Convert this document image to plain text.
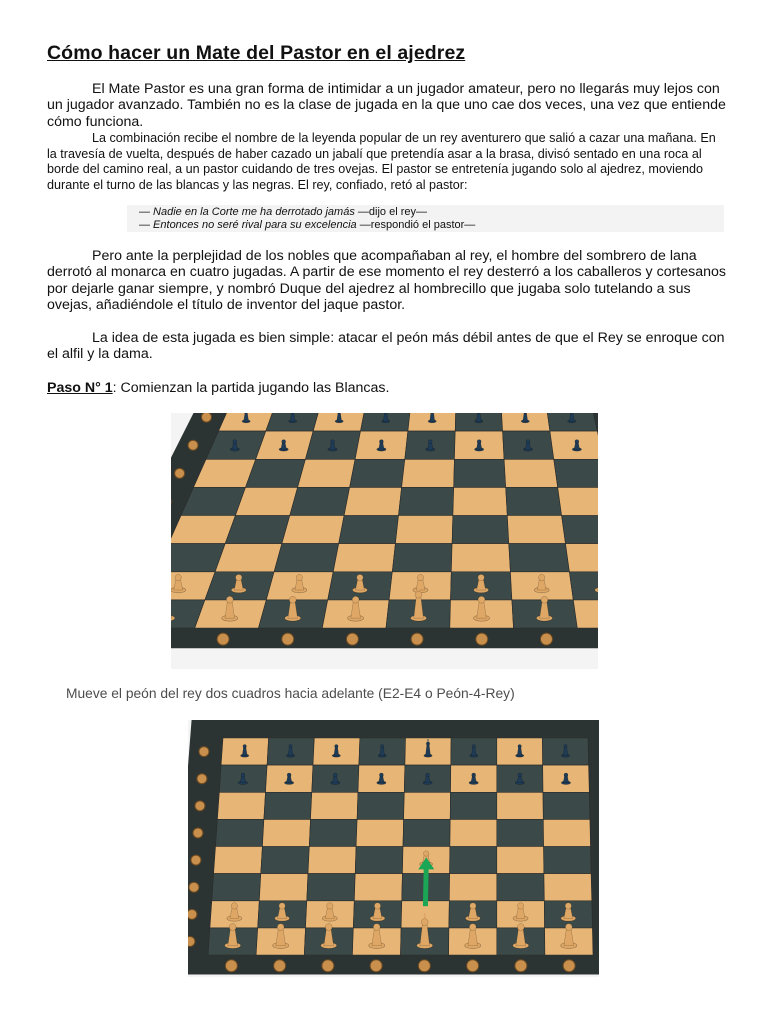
Cómo hacer un Mate del Pastor en el ajedrez

El Mate Pastor es una gran forma de intimidar a un jugador amateur, pero no llegarás muy lejos con un jugador avanzado. También no es la clase de jugada en la que uno cae dos veces, una vez que entiende cómo funciona.

La combinación recibe el nombre de la leyenda popular de un rey aventurero que salió a cazar una mañana. En la travesía de vuelta, después de haber cazado un jabalí que pretendía asar a la brasa, divisó sentado en una roca al borde del camino real, a un pastor cuidando de tres ovejas. El pastor se entretenía jugando solo al ajedrez, moviendo durante el turno de las blancas y las negras. El rey, confiado, retó al pastor:

— Nadie en la Corte me ha derrotado jamás —dijo el rey—
— Entonces no seré rival para su excelencia —respondió el pastor—

Pero ante la perplejidad de los nobles que acompañaban al rey, el hombre del sombrero de lana derrotó al monarca en cuatro jugadas. A partir de ese momento el rey desterró a los caballeros y cortesanos por dejarle ganar siempre, y nombró Duque del ajedrez al hombrecillo que jugaba solo tutelando a sus ovejas, añadiéndole el título de inventor del jaque pastor.

La idea de esta jugada es bien simple: atacar el peón más débil antes de que el Rey se enroque con el alfil y la dama.

Paso N° 1: Comienzan la partida jugando las Blancas.
Mueve el peón del rey dos cuadros hacia adelante (E2-E4 o Peón-4-Rey)
